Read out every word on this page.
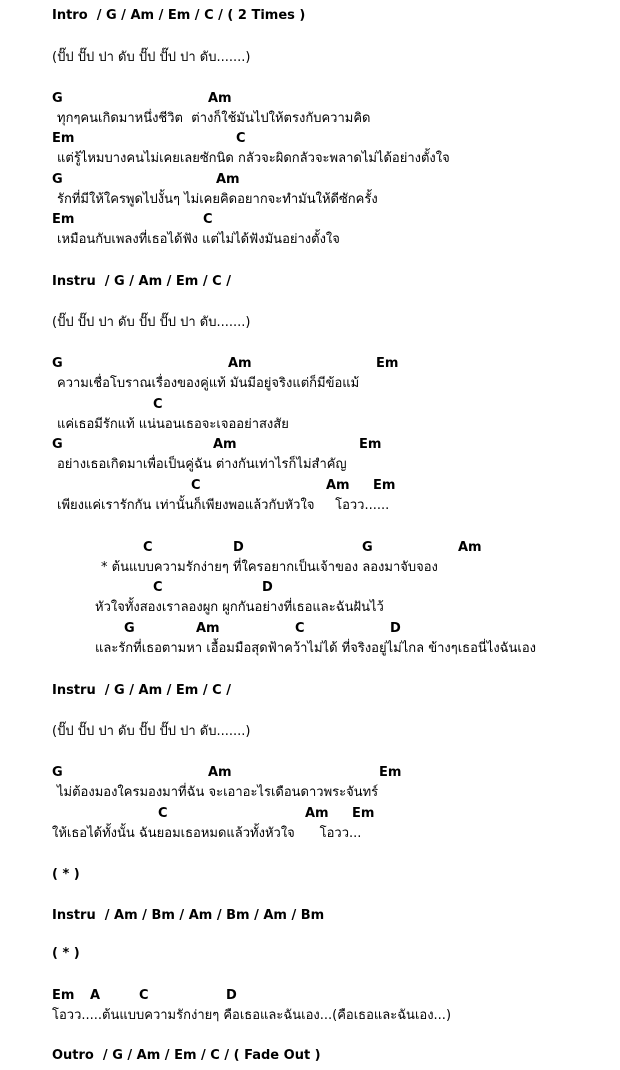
Intro  / G / Am / Em / C / ( 2 Times )
(ปั๊ป ปั๊ป ปา ดับ ปั๊ป ปั๊ป ปา ดับ.......)
G	Am
ทุกๆคนเกิดมาหนึ่งชีวิต  ต่างก็ใช้มันไปให้ตรงกับความคิด
Em	C
แต่รู้ไหมบางคนไม่เคยเลยซักนิด กลัวจะผิดกลัวจะพลาดไม่ได้อย่างตั้งใจ
G	Am
รักที่มีให้ใครพูดไปงั้นๆ ไม่เคยคิดอยากจะทำมันให้ดีซักครั้ง
Em	C
เหมือนกับเพลงที่เธอได้ฟัง แต่ไม่ได้ฟังมันอย่างตั้งใจ
Instru  / G / Am / Em / C /
(ปั๊ป ปั๊ป ปา ดับ ปั๊ป ปั๊ป ปา ดับ.......)
G	Am	Em
ความเชื่อโบราณเรื่องของคู่แท้ มันมีอยู่จริงแต่ก็มีข้อแม้
C
แค่เธอมีรักแท้ แน่นอนเธอจะเจออย่าสงสัย
G	Am	Em
อย่างเธอเกิดมาเพื่อเป็นคู่ฉัน ต่างกันเท่าไรก็ไม่สำคัญ
C	Am Em
เพียงแค่เรารักกัน เท่านั้นก็เพียงพอแล้วกับหัวใจ     โอวว......
C	D	G	Am
* ต้นแบบความรักง่ายๆ ที่ใครอยากเป็นเจ้าของ ลองมาจับจอง
C	D
หัวใจทั้งสองเราลองผูก ผูกกันอย่างที่เธอและฉันฝันไว้
G	Am	C	D
และรักที่เธอตามหา เอื้อมมือสุดฟ้าคว้าไม่ได้ ที่จริงอยู่ไม่ไกล ข้างๆเธอนี่ไงฉันเอง
Instru  / G / Am / Em / C /
(ปั๊ป ปั๊ป ปา ดับ ปั๊ป ปั๊ป ปา ดับ.......)
G	Am	Em
ไม่ต้องมองใครมองมาที่ฉัน จะเอาอะไรเดือนดาวพระจันทร์
C	Am Em
ให้เธอได้ทั้งนั้น ฉันยอมเธอหมดแล้วทั้งหัวใจ      โอวว...
( * )
Instru  / Am / Bm / Am / Bm / Am / Bm
( * )
Em A	C	D
โอวว.....ต้นแบบความรักง่ายๆ คือเธอและฉันเอง...(คือเธอและฉันเอง...)
Outro  / G / Am / Em / C / ( Fade Out )
